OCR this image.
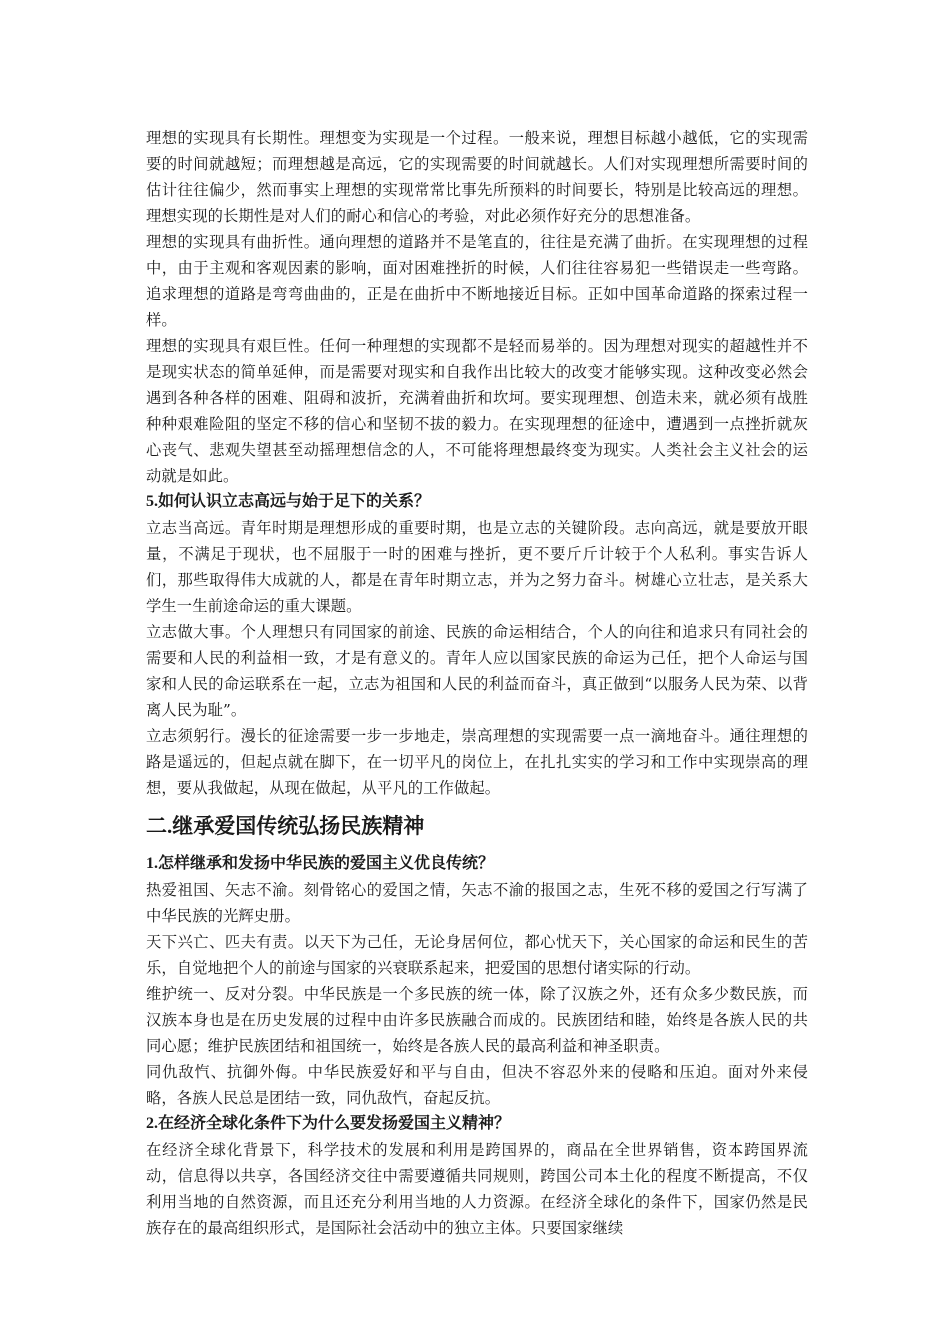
理想的实现具有长期性。理想变为实现是一个过程。一般来说，理想目标越小越低，它的实现需要的时间就越短；而理想越是高远，它的实现需要的时间就越长。人们对实现理想所需要时间的估计往往偏少，然而事实上理想的实现常常比事先所预料的时间要长，特别是比较高远的理想。理想实现的长期性是对人们的耐心和信心的考验，对此必须作好充分的思想准备。

理想的实现具有曲折性。通向理想的道路并不是笔直的，往往是充满了曲折。在实现理想的过程中，由于主观和客观因素的影响，面对困难挫折的时候，人们往往容易犯一些错误走一些弯路。追求理想的道路是弯弯曲曲的，正是在曲折中不断地接近目标。正如中国革命道路的探索过程一样。

理想的实现具有艰巨性。任何一种理想的实现都不是轻而易举的。因为理想对现实的超越性并不是现实状态的简单延伸，而是需要对现实和自我作出比较大的改变才能够实现。这种改变必然会遇到各种各样的困难、阻碍和波折，充满着曲折和坎坷。要实现理想、创造未来，就必须有战胜种种艰难险阻的坚定不移的信心和坚韧不拔的毅力。在实现理想的征途中，遭遇到一点挫折就灰心丧气、悲观失望甚至动摇理想信念的人，不可能将理想最终变为现实。人类社会主义社会的运动就是如此。

5.如何认识立志高远与始于足下的关系？

立志当高远。青年时期是理想形成的重要时期，也是立志的关键阶段。志向高远，就是要放开眼量，不满足于现状，也不屈服于一时的困难与挫折，更不要斤斤计较于个人私利。事实告诉人们，那些取得伟大成就的人，都是在青年时期立志，并为之努力奋斗。树雄心立壮志，是关系大学生一生前途命运的重大课题。

立志做大事。个人理想只有同国家的前途、民族的命运相结合，个人的向往和追求只有同社会的需要和人民的利益相一致，才是有意义的。青年人应以国家民族的命运为己任，把个人命运与国家和人民的命运联系在一起，立志为祖国和人民的利益而奋斗，真正做到“以服务人民为荣、以背离人民为耻”。

立志须躬行。漫长的征途需要一步一步地走，崇高理想的实现需要一点一滴地奋斗。通往理想的路是遥远的，但起点就在脚下，在一切平凡的岗位上，在扎扎实实的学习和工作中实现崇高的理想，要从我做起，从现在做起，从平凡的工作做起。

二.继承爱国传统弘扬民族精神
1.怎样继承和发扬中华民族的爱国主义优良传统？

热爱祖国、矢志不渝。刻骨铭心的爱国之情，矢志不渝的报国之志，生死不移的爱国之行写满了中华民族的光辉史册。

天下兴亡、匹夫有责。以天下为己任，无论身居何位，都心忧天下，关心国家的命运和民生的苦乐，自觉地把个人的前途与国家的兴衰联系起来，把爱国的思想付诸实际的行动。

维护统一、反对分裂。中华民族是一个多民族的统一体，除了汉族之外，还有众多少数民族，而汉族本身也是在历史发展的过程中由许多民族融合而成的。民族团结和睦，始终是各族人民的共同心愿；维护民族团结和祖国统一，始终是各族人民的最高利益和神圣职责。

同仇敌忾、抗御外侮。中华民族爱好和平与自由，但决不容忍外来的侵略和压迫。面对外来侵略，各族人民总是团结一致，同仇敌忾，奋起反抗。

2.在经济全球化条件下为什么要发扬爱国主义精神？

在经济全球化背景下，科学技术的发展和利用是跨国界的，商品在全世界销售，资本跨国界流动，信息得以共享，各国经济交往中需要遵循共同规则，跨国公司本土化的程度不断提高，不仅利用当地的自然资源，而且还充分利用当地的人力资源。在经济全球化的条件下，国家仍然是民族存在的最高组织形式，是国际社会活动中的独立主体。只要国家继续
